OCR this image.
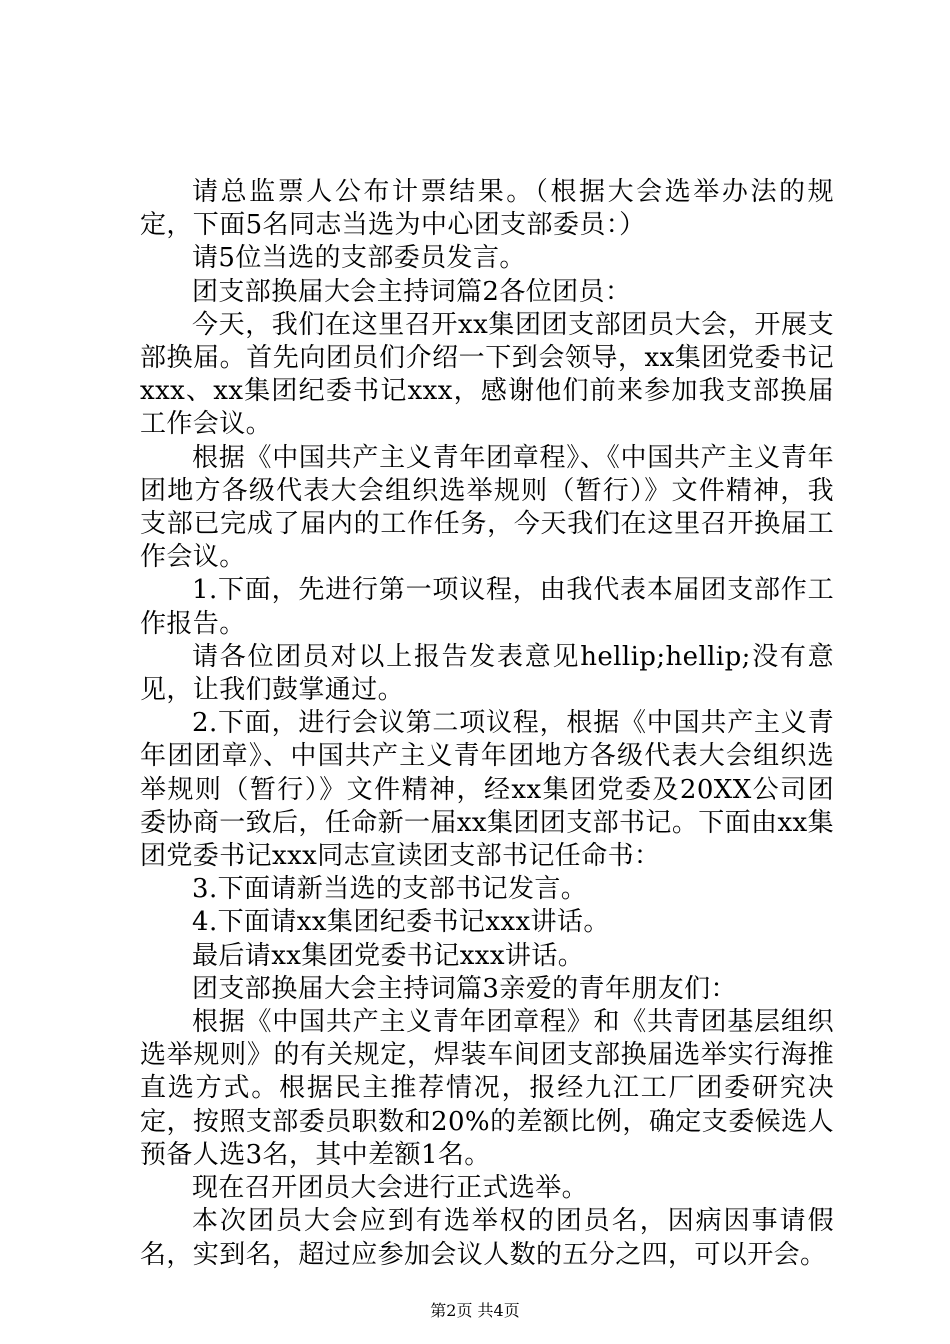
请总监票人公布计票结果。（根据大会选举办法的规定，下面5名同志当选为中心团支部委员：）

请5位当选的支部委员发言。

团支部换届大会主持词篇2各位团员：

今天，我们在这里召开xx集团团支部团员大会，开展支部换届。首先向团员们介绍一下到会领导，xx集团党委书记xxx、xx集团纪委书记xxx，感谢他们前来参加我支部换届工作会议。

根据《中国共产主义青年团章程》、《中国共产主义青年团地方各级代表大会组织选举规则（暂行）》文件精神，我支部已完成了届内的工作任务，今天我们在这里召开换届工作会议。

1.下面，先进行第一项议程，由我代表本届团支部作工作报告。

请各位团员对以上报告发表意见hellip;hellip;没有意见，让我们鼓掌通过。

2.下面，进行会议第二项议程，根据《中国共产主义青年团团章》、中国共产主义青年团地方各级代表大会组织选举规则（暂行）》文件精神，经xx集团党委及20XX公司团委协商一致后，任命新一届xx集团团支部书记。下面由xx集团党委书记xxx同志宣读团支部书记任命书：

3.下面请新当选的支部书记发言。

4.下面请xx集团纪委书记xxx讲话。

最后请xx集团党委书记xxx讲话。

团支部换届大会主持词篇3亲爱的青年朋友们：

根据《中国共产主义青年团章程》和《共青团基层组织选举规则》的有关规定，焊装车间团支部换届选举实行海推直选方式。根据民主推荐情况，报经九江工厂团委研究决定，按照支部委员职数和20%的差额比例，确定支委候选人预备人选3名，其中差额1名。

现在召开团员大会进行正式选举。

本次团员大会应到有选举权的团员名，因病因事请假名，实到名，超过应参加会议人数的五分之四，可以开会。

第2页 共4页
